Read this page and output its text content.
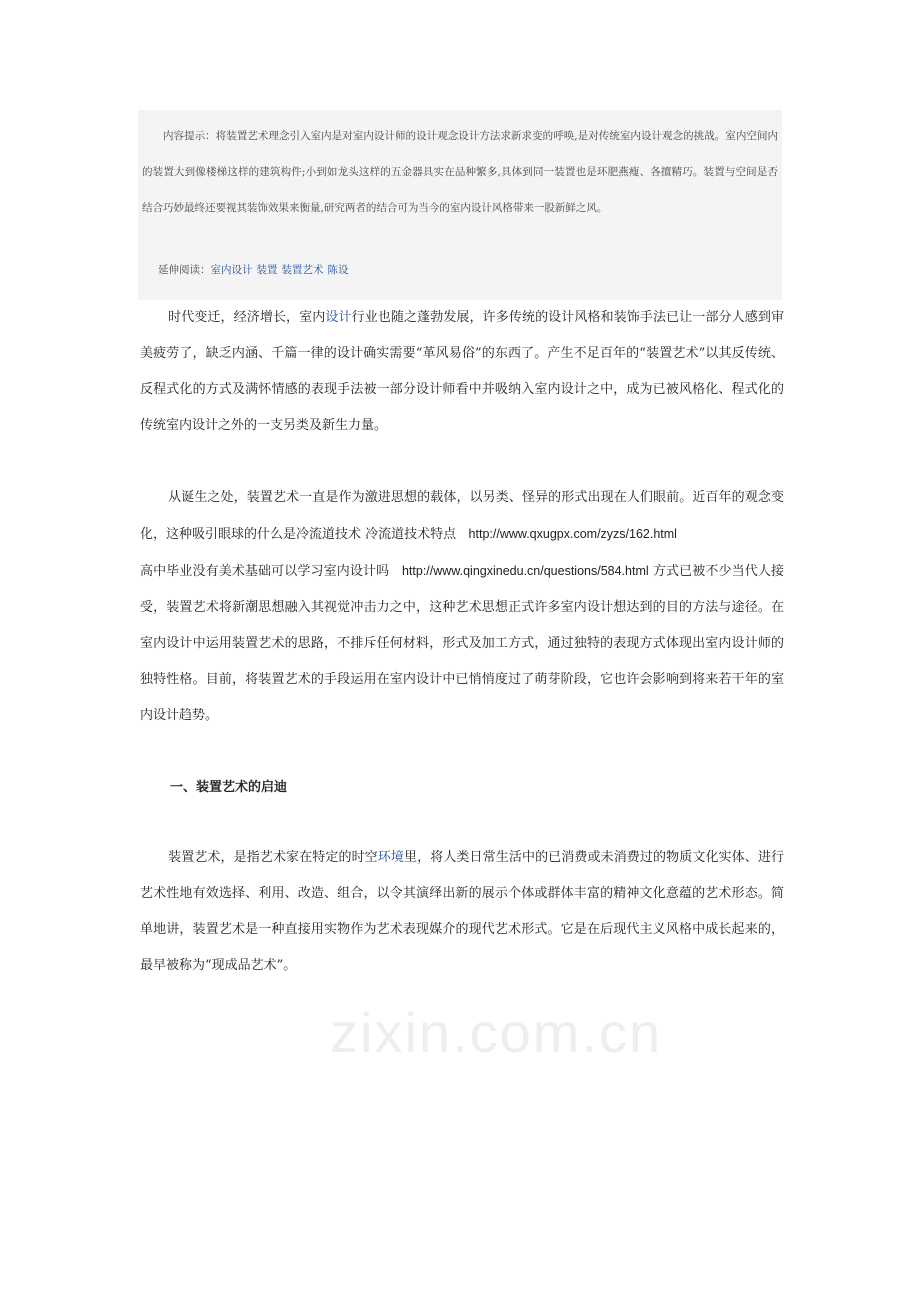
内容提示：将装置艺术理念引入室内是对室内设计师的设计观念设计方法求新求变的呼唤,是对传统室内设计观念的挑战。室内空间内的装置大到像楼梯这样的建筑构件;小到如龙头这样的五金器具实在品种繁多,具体到同一装置也是环肥燕瘦、各擅精巧。装置与空间是否结合巧妙最终还要视其装饰效果来衡量,研究两者的结合可为当今的室内设计风格带来一股新鲜之风。
延伸阅读：室内设计 装置 装置艺术 陈设

时代变迁，经济增长，室内设计行业也随之蓬勃发展，许多传统的设计风格和装饰手法已让一部分人感到审美疲劳了，缺乏内涵、千篇一律的设计确实需要“革风易俗”的东西了。产生不足百年的“装置艺术”以其反传统、反程式化的方式及满怀情感的表现手法被一部分设计师看中并吸纳入室内设计之中，成为已被风格化、程式化的传统室内设计之外的一支另类及新生力量。

从诞生之处，装置艺术一直是作为激进思想的载体，以另类、怪异的形式出现在人们眼前。近百年的观念变化，这种吸引眼球的什么是冷流道技术 冷流道技术特点 http://www.qxugpx.com/zyzs/162.html
高中毕业没有美术基础可以学习室内设计吗 http://www.qingxinedu.cn/questions/584.html 方式已被不少当代人接受，装置艺术将新潮思想融入其视觉冲击力之中，这种艺术思想正式许多室内设计想达到的目的方法与途径。在室内设计中运用装置艺术的思路，不排斥任何材料，形式及加工方式，通过独特的表现方式体现出室内设计师的独特性格。目前，将装置艺术的手段运用在室内设计中已悄悄度过了萌芽阶段，它也许会影响到将来若干年的室内设计趋势。

一、装置艺术的启迪

装置艺术，是指艺术家在特定的时空环境里，将人类日常生活中的已消费或未消费过的物质文化实体、进行艺术性地有效选择、利用、改造、组合，以令其演绎出新的展示个体或群体丰富的精神文化意蕴的艺术形态。简单地讲，装置艺术是一种直接用实物作为艺术表现媒介的现代艺术形式。它是在后现代主义风格中成长起来的，最早被称为“现成品艺术”。

zixin.com.cn
